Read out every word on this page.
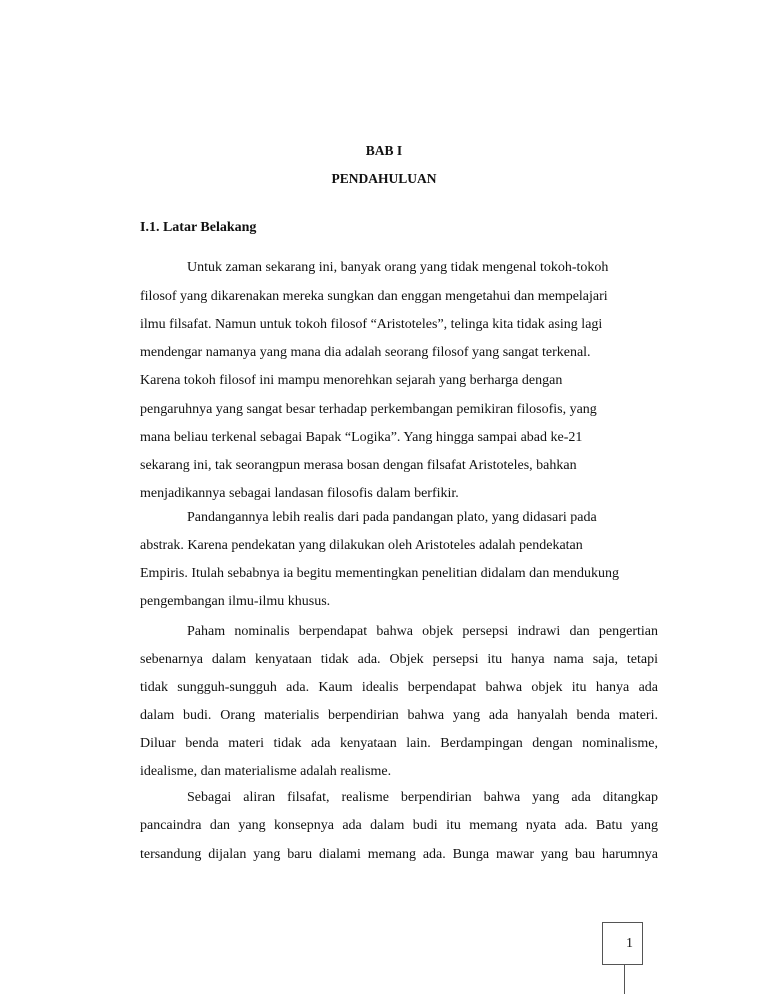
BAB I
PENDAHULUAN
I.1. Latar Belakang
Untuk zaman sekarang ini, banyak orang yang tidak mengenal tokoh-tokoh
filosof yang dikarenakan mereka sungkan dan enggan mengetahui dan mempelajari
ilmu filsafat. Namun untuk tokoh filosof “Aristoteles”, telinga kita tidak asing lagi
mendengar namanya yang mana dia adalah seorang filosof yang sangat terkenal.
Karena tokoh filosof ini mampu menorehkan sejarah yang berharga dengan
pengaruhnya yang sangat besar terhadap perkembangan pemikiran filosofis, yang
mana beliau terkenal sebagai Bapak “Logika”. Yang hingga sampai abad ke-21
sekarang ini, tak seorangpun merasa bosan dengan filsafat Aristoteles, bahkan
menjadikannya sebagai landasan filosofis dalam berfikir.
Pandangannya lebih realis dari pada pandangan plato, yang didasari pada
abstrak. Karena pendekatan yang dilakukan oleh Aristoteles adalah pendekatan
Empiris. Itulah sebabnya ia begitu mementingkan penelitian didalam dan mendukung
pengembangan ilmu-ilmu khusus.
Paham nominalis berpendapat bahwa objek persepsi indrawi dan pengertian
sebenarnya dalam kenyataan tidak ada. Objek persepsi itu hanya nama saja, tetapi
tidak sungguh-sungguh ada. Kaum idealis berpendapat bahwa objek itu hanya ada
dalam budi. Orang materialis berpendirian bahwa yang ada hanyalah benda materi.
Diluar benda materi tidak ada kenyataan lain. Berdampingan dengan nominalisme,
idealisme, dan materialisme adalah realisme.
Sebagai aliran filsafat, realisme berpendirian bahwa yang ada ditangkap
pancaindra dan yang konsepnya ada dalam budi itu memang nyata ada. Batu yang
tersandung dijalan yang baru dialami memang ada. Bunga mawar yang bau harumnya
1
